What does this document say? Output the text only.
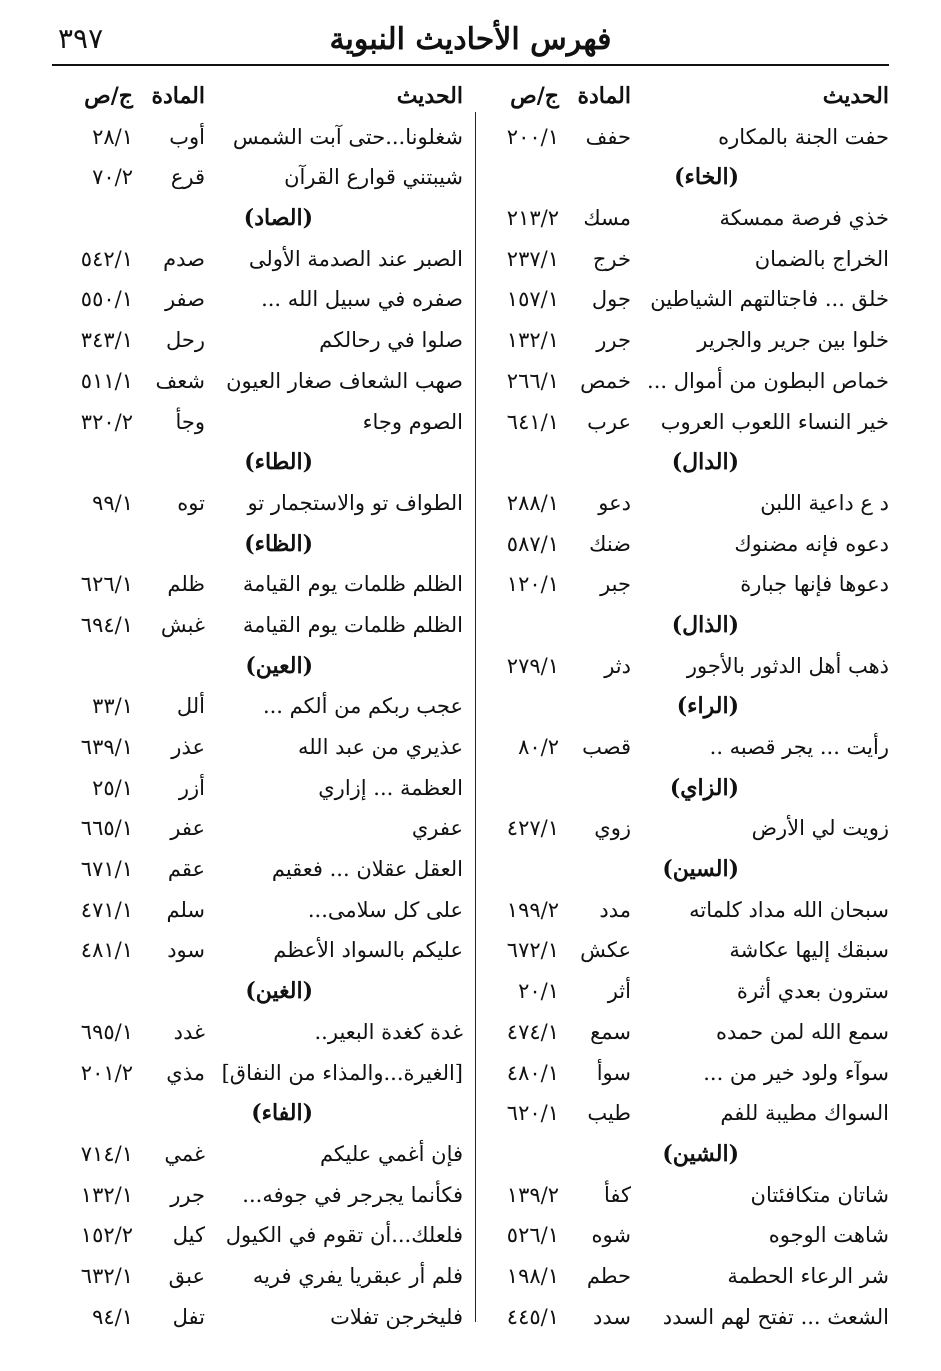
٣٩٧	فهرس الأحاديث النبوية
الحديث
المادة
ج/ص
حفت الجنة بالمكاره
حفف
٢٠٠/١
(الخاء)
خذي فرصة ممسكة
مسك
٢١٣/٢
الخراج بالضمان
خرج
٢٣٧/١
خلق ... فاجتالتهم الشياطين
جول
١٥٧/١
خلوا بين جرير والجرير
جرر
١٣٢/١
خماص البطون من أموال ...
خمص
٢٦٦/١
خير النساء اللعوب العروب
عرب
٦٤١/١
(الدال)
د ع داعية اللبن
دعو
٢٨٨/١
دعوه فإنه مضنوك
ضنك
٥٨٧/١
دعوها فإنها جبارة
جبر
١٢٠/١
(الذال)
ذهب أهل الدثور بالأجور
دثر
٢٧٩/١
(الراء)
رأيت ... يجر قصبه ..
قصب
٨٠/٢
(الزاي)
زويت لي الأرض
زوي
٤٢٧/١
(السين)
سبحان الله مداد كلماته
مدد
١٩٩/٢
سبقك إليها عكاشة
عكش
٦٧٢/١
سترون بعدي أثرة
أثر
٢٠/١
سمع الله لمن حمده
سمع
٤٧٤/١
سوآء ولود خير من ...
سوأ
٤٨٠/١
السواك مطيبة للفم
طيب
٦٢٠/١
(الشين)
شاتان متكافئتان
كفأ
١٣٩/٢
شاهت الوجوه
شوه
٥٢٦/١
شر الرعاء الحطمة
حطم
١٩٨/١
الشعث ... تفتح لهم السدد
سدد
٤٤٥/١
الحديث
المادة
ج/ص
شغلونا...حتى آبت الشمس
أوب
٢٨/١
شيبتني قوارع القرآن
قرع
٧٠/٢
(الصاد)
الصبر عند الصدمة الأولى
صدم
٥٤٢/١
صفره في سبيل الله ...
صفر
٥٥٠/١
صلوا في رحالكم
رحل
٣٤٣/١
صهب الشعاف صغار العيون
شعف
٥١١/١
الصوم وجاء
وجأ
٣٢٠/٢
(الطاء)
الطواف تو والاستجمار تو
توه
٩٩/١
(الظاء)
الظلم ظلمات يوم القيامة
ظلم
٦٢٦/١
الظلم ظلمات يوم القيامة
غبش
٦٩٤/١
(العين)
عجب ربكم من ألكم ...
ألل
٣٣/١
عذيري من عبد الله
عذر
٦٣٩/١
العظمة ... إزاري
أزر
٢٥/١
عفري
عفر
٦٦٥/١
العقل عقلان ... فعقيم
عقم
٦٧١/١
على كل سلامى...
سلم
٤٧١/١
عليكم بالسواد الأعظم
سود
٤٨١/١
(الغين)
غدة كغدة البعير..
غدد
٦٩٥/١
[الغيرة...والمذاء من النفاق]
مذي
٢٠١/٢
(الفاء)
فإن أغمي عليكم
غمي
٧١٤/١
فكأنما يجرجر في جوفه...
جرر
١٣٢/١
فلعلك...أن تقوم في الكيول
كيل
١٥٢/٢
فلم أر عبقريا يفري فريه
عبق
٦٣٢/١
فليخرجن تفلات
تفل
٩٤/١
